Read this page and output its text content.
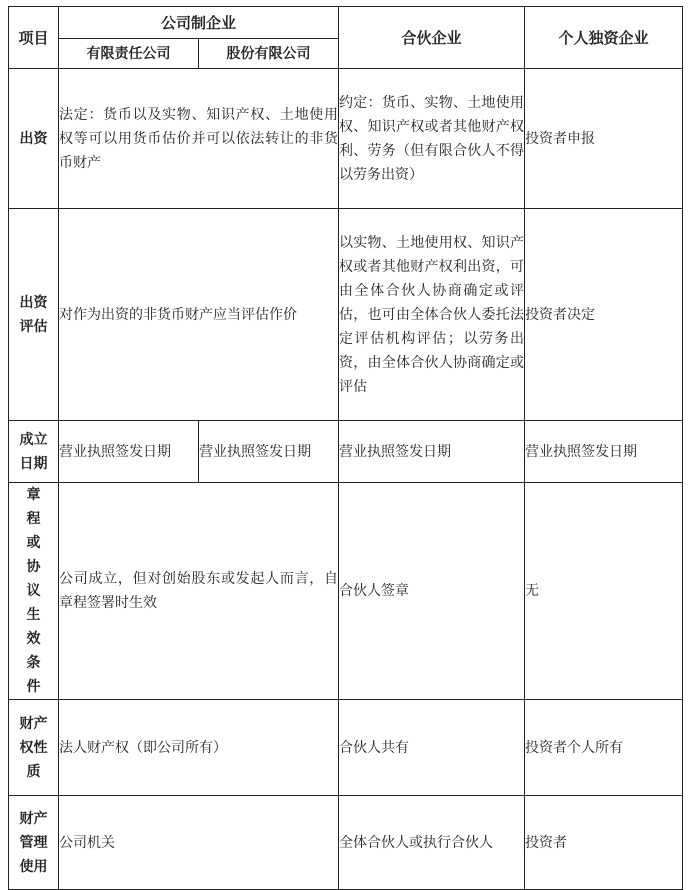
项目	公司制企业		合伙企业	个人独资企业
	有限责任公司	股份有限公司		
出资	法定：货币以及实物、知识产权、土地使用权等可以用货币估价并可以依法转让的非货币财产		约定：货币、实物、土地使用权、知识产权或者其他财产权利、劳务（但有限合伙人不得以劳务出资）	投资者申报
出资评估	对作为出资的非货币财产应当评估作价		以实物、土地使用权、知识产权或者其他财产权利出资，可由全体合伙人协商确定或评估，也可由全体合伙人委托法定评估机构评估；以劳务出资，由全体合伙人协商确定或评估	投资者决定
成立日期	营业执照签发日期	营业执照签发日期	营业执照签发日期	营业执照签发日期
章程或协议生效条件	公司成立，但对创始股东或发起人而言，自章程签署时生效		合伙人签章	无
财产权性质	法人财产权（即公司所有）		合伙人共有	投资者个人所有
财产管理使用	公司机关		全体合伙人或执行合伙人	投资者
